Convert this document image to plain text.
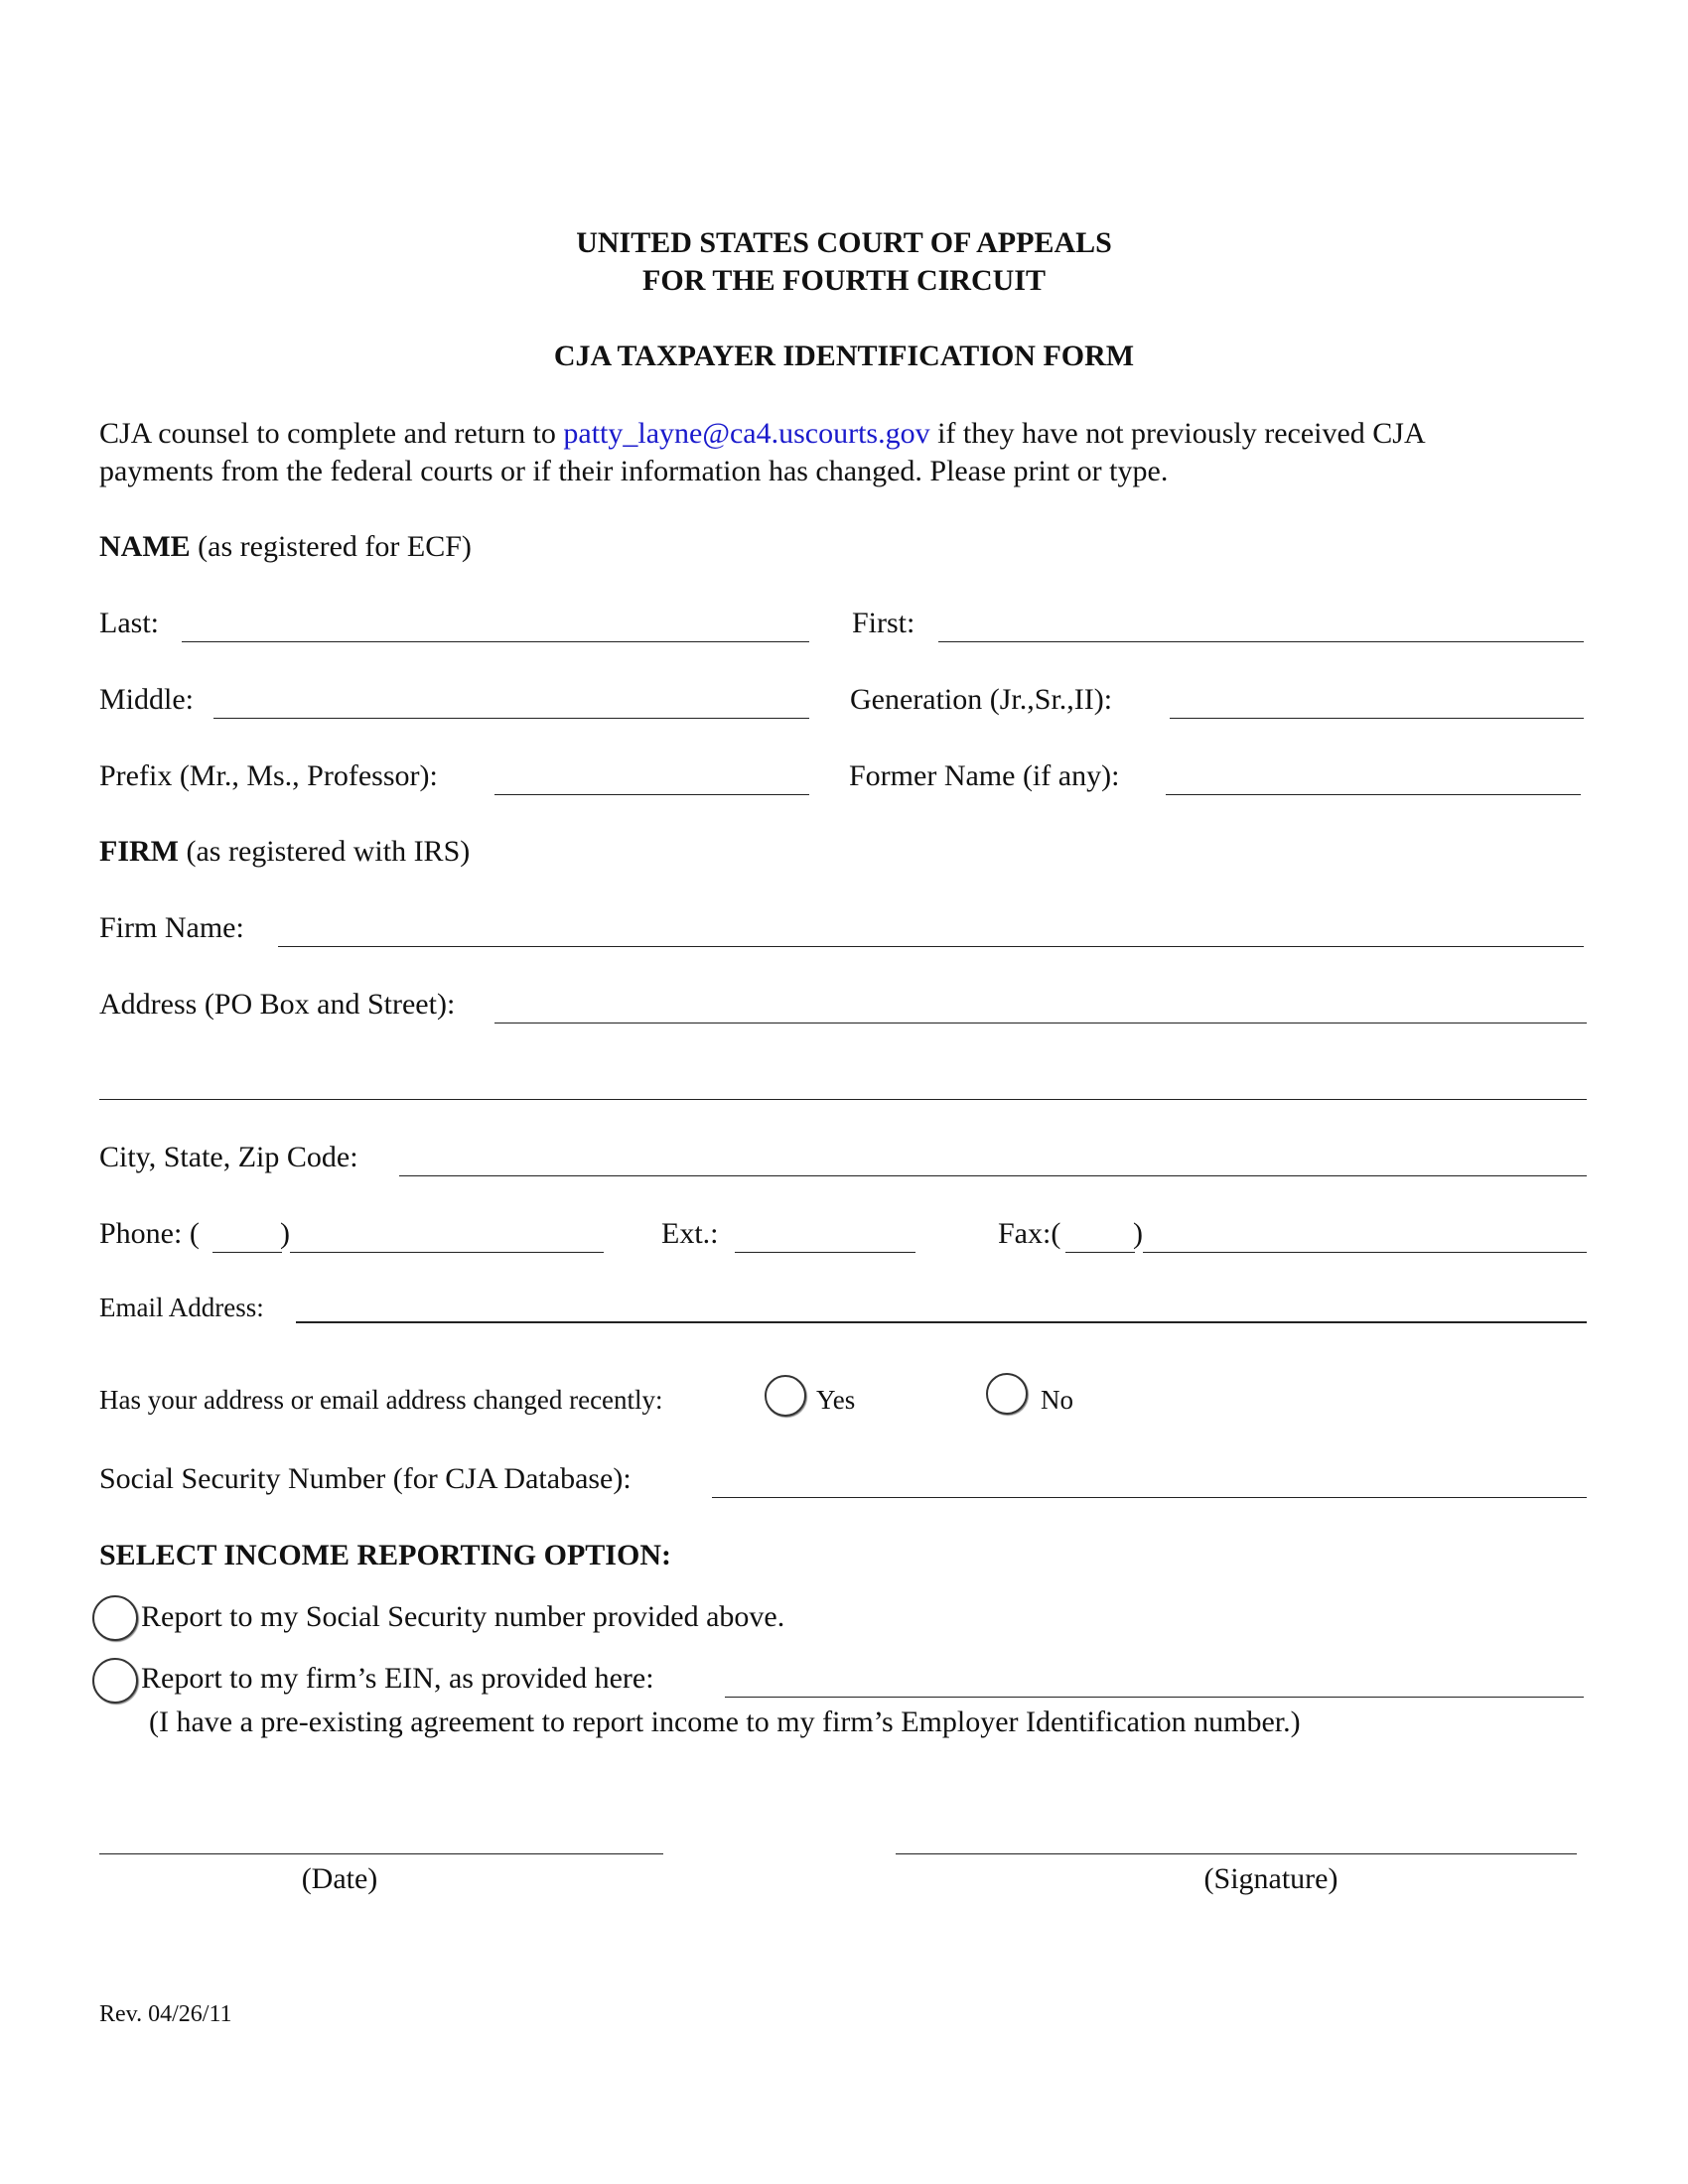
UNITED STATES COURT OF APPEALS
FOR THE FOURTH CIRCUIT
CJA TAXPAYER IDENTIFICATION FORM
CJA counsel to complete and return to patty_layne@ca4.uscourts.gov if they have not previously received CJA
payments from the federal courts or if their information has changed. Please print or type.
NAME (as registered for ECF)
Last:	First:
Middle:	Generation (Jr.,Sr.,II):
Prefix (Mr., Ms., Professor):	Former Name (if any):
FIRM (as registered with IRS)
Firm Name:
Address (PO Box and Street):
City, State, Zip Code:
Phone: (	)	Ext.:	Fax:( )
Email Address:
Has your address or email address changed recently:	Yes	No
Social Security Number (for CJA Database):
SELECT INCOME REPORTING OPTION:
Report to my Social Security number provided above.
Report to my firm’s EIN, as provided here:
(I have a pre-existing agreement to report income to my firm’s Employer Identification number.)
(Date)	(Signature)
Rev. 04/26/11
